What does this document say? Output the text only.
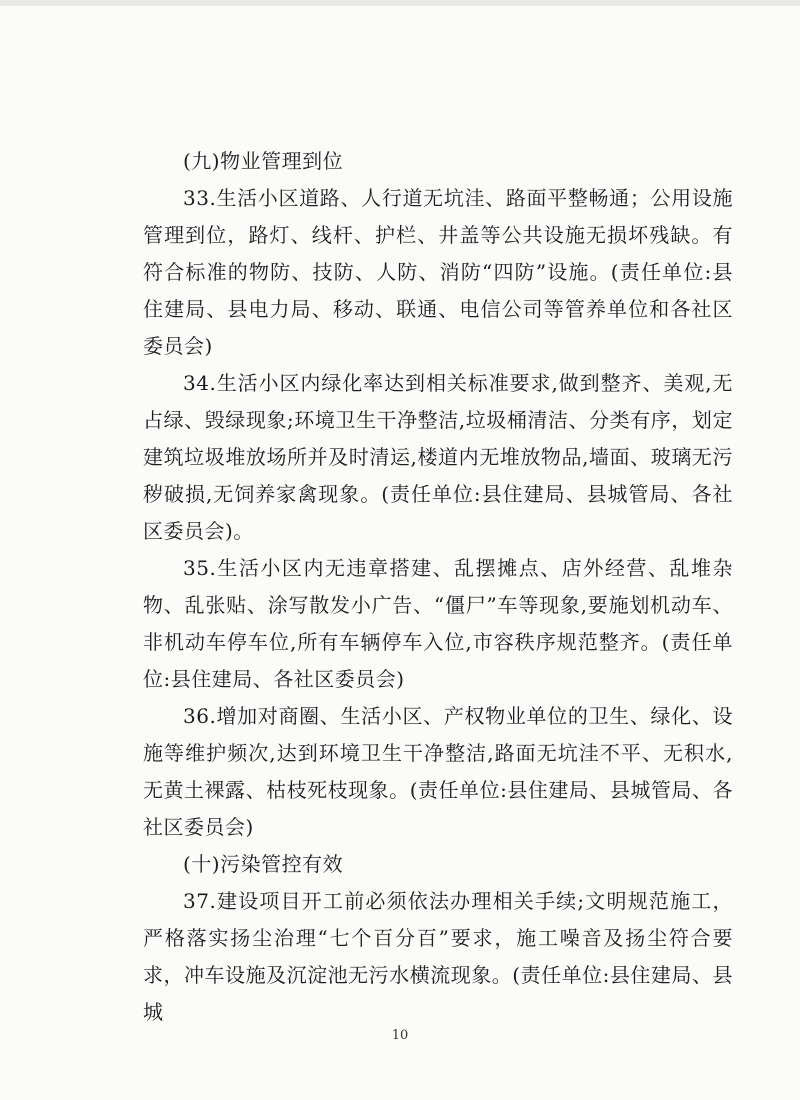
(九)物业管理到位

33.生活小区道路、人行道无坑洼、路面平整畅通；公用设施管理到位，路灯、线杆、护栏、井盖等公共设施无损坏残缺。有符合标准的物防、技防、人防、消防“四防”设施。(责任单位:县住建局、县电力局、移动、联通、电信公司等管养单位和各社区委员会)

34.生活小区内绿化率达到相关标准要求,做到整齐、美观,无占绿、毁绿现象;环境卫生干净整洁,垃圾桶清洁、分类有序，划定建筑垃圾堆放场所并及时清运,楼道内无堆放物品,墙面、玻璃无污秽破损,无饲养家禽现象。(责任单位:县住建局、县城管局、各社区委员会)。

35.生活小区内无违章搭建、乱摆摊点、店外经营、乱堆杂物、乱张贴、涂写散发小广告、“僵尸”车等现象,要施划机动车、非机动车停车位,所有车辆停车入位,市容秩序规范整齐。(责任单位:县住建局、各社区委员会)

36.增加对商圈、生活小区、产权物业单位的卫生、绿化、设施等维护频次,达到环境卫生干净整洁,路面无坑洼不平、无积水,无黄土裸露、枯枝死枝现象。(责任单位:县住建局、县城管局、各社区委员会)

(十)污染管控有效

37.建设项目开工前必须依法办理相关手续;文明规范施工，严格落实扬尘治理“七个百分百”要求，施工噪音及扬尘符合要求，冲车设施及沉淀池无污水横流现象。(责任单位:县住建局、县城

10
